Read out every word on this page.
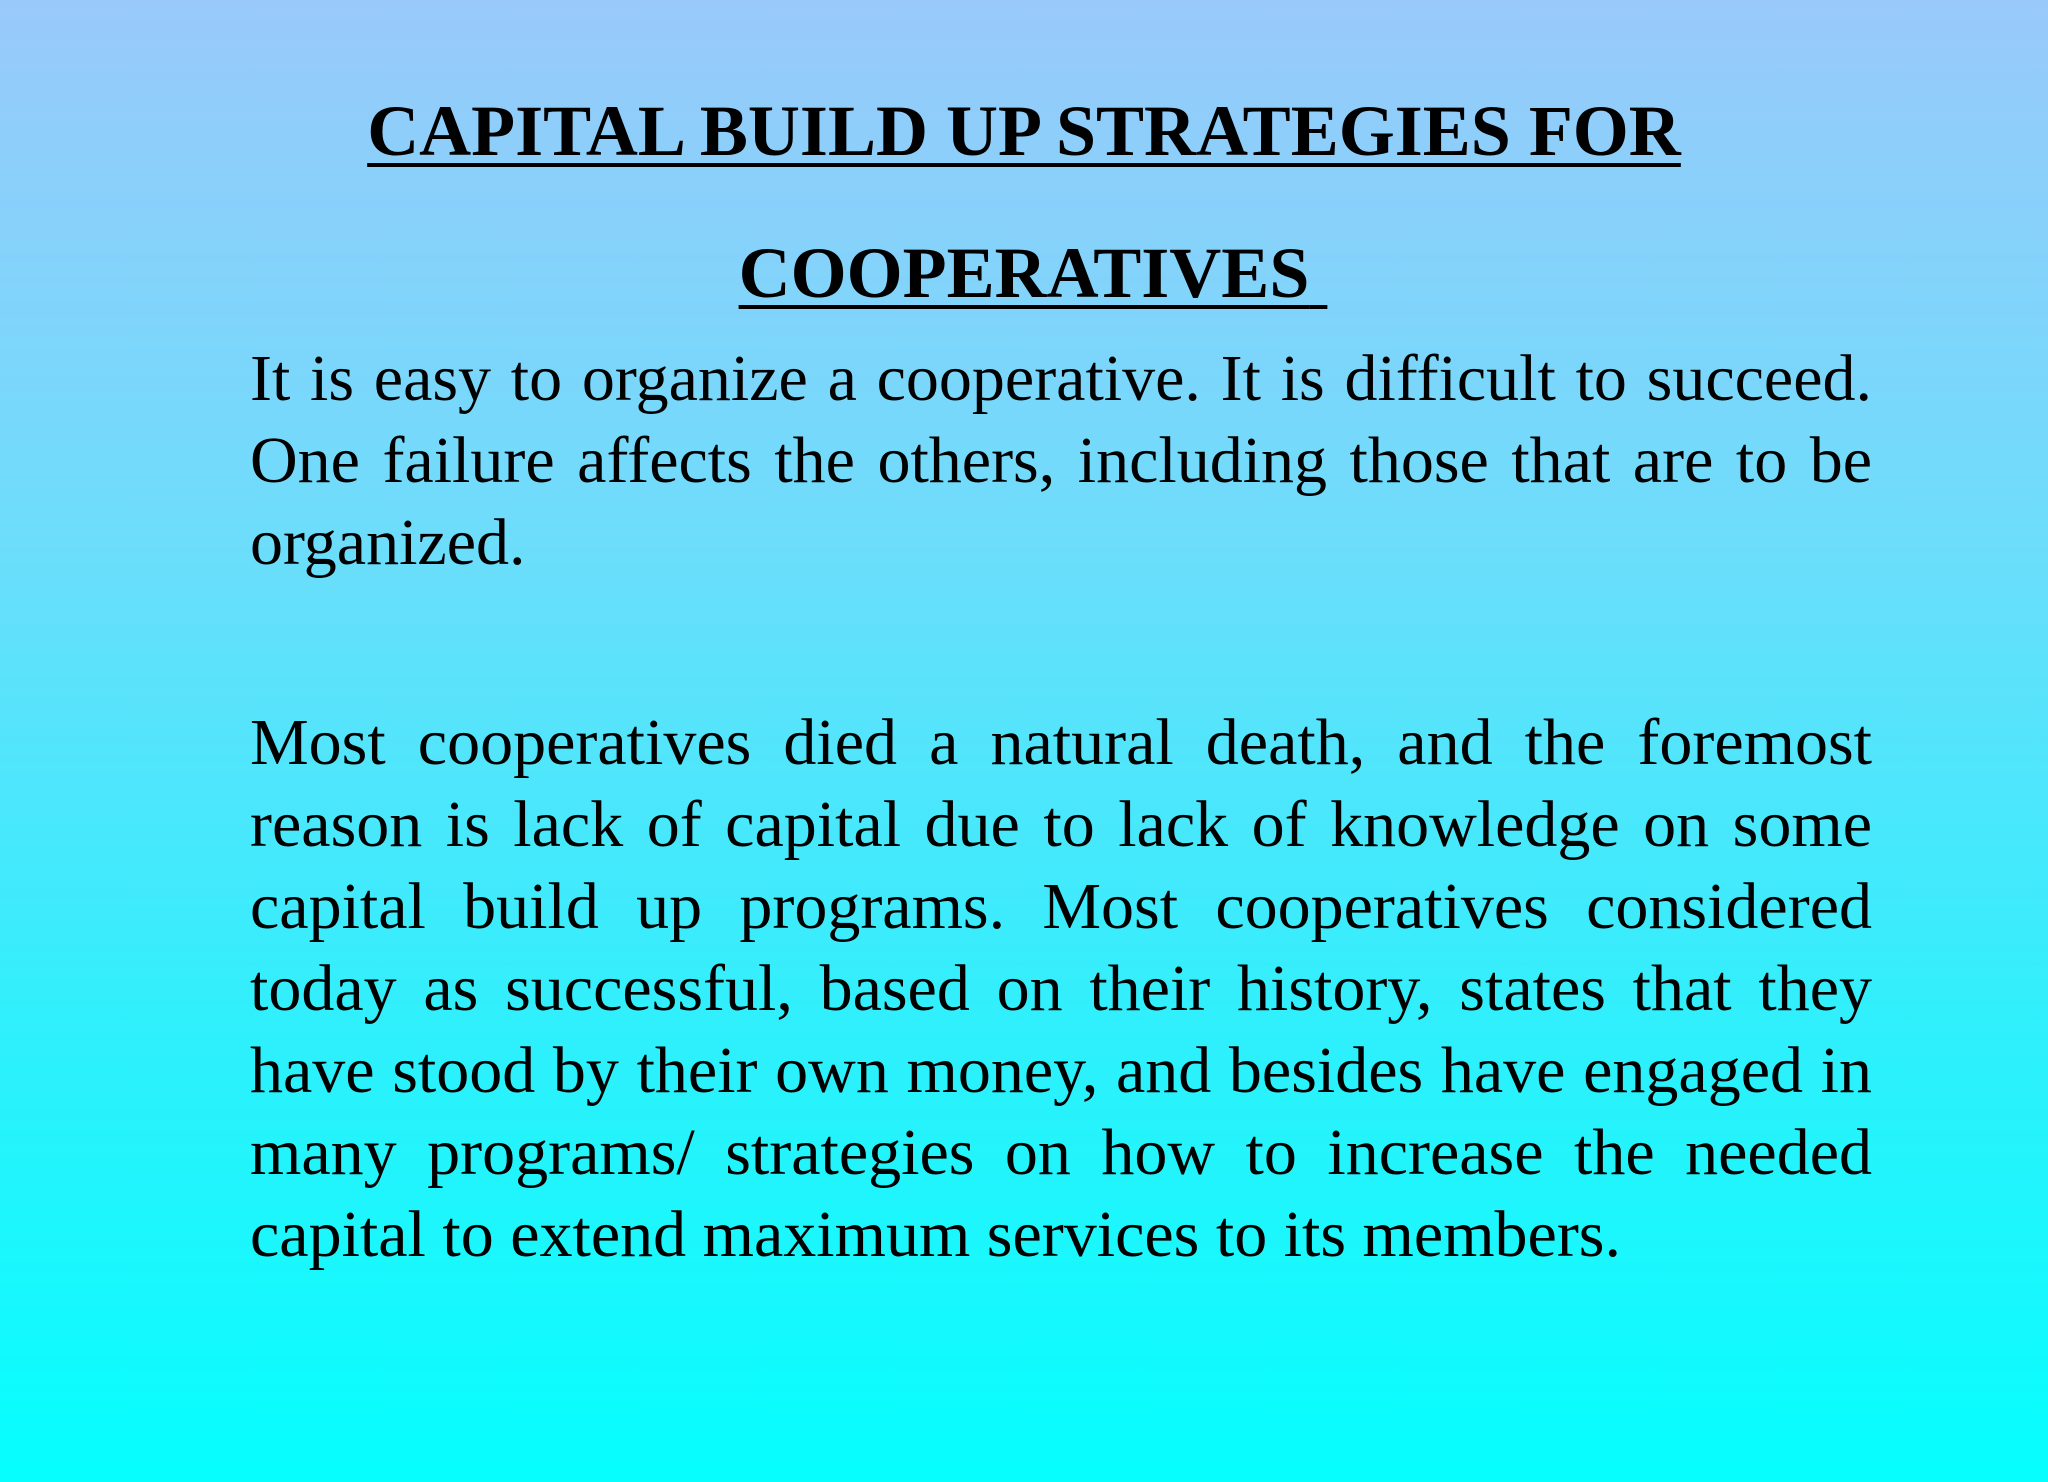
CAPITAL BUILD UP STRATEGIES FOR
COOPERATIVES

It is easy to organize a cooperative. It is difficult to succeed. One failure affects the others, including those that are to be organized.

Most cooperatives died a natural death, and the foremost reason is lack of capital due to lack of knowledge on some capital build up programs. Most cooperatives considered today as successful, based on their history, states that they have stood by their own money, and besides have engaged in many programs/ strategies on how to increase the needed capital to extend maximum services to its members.
